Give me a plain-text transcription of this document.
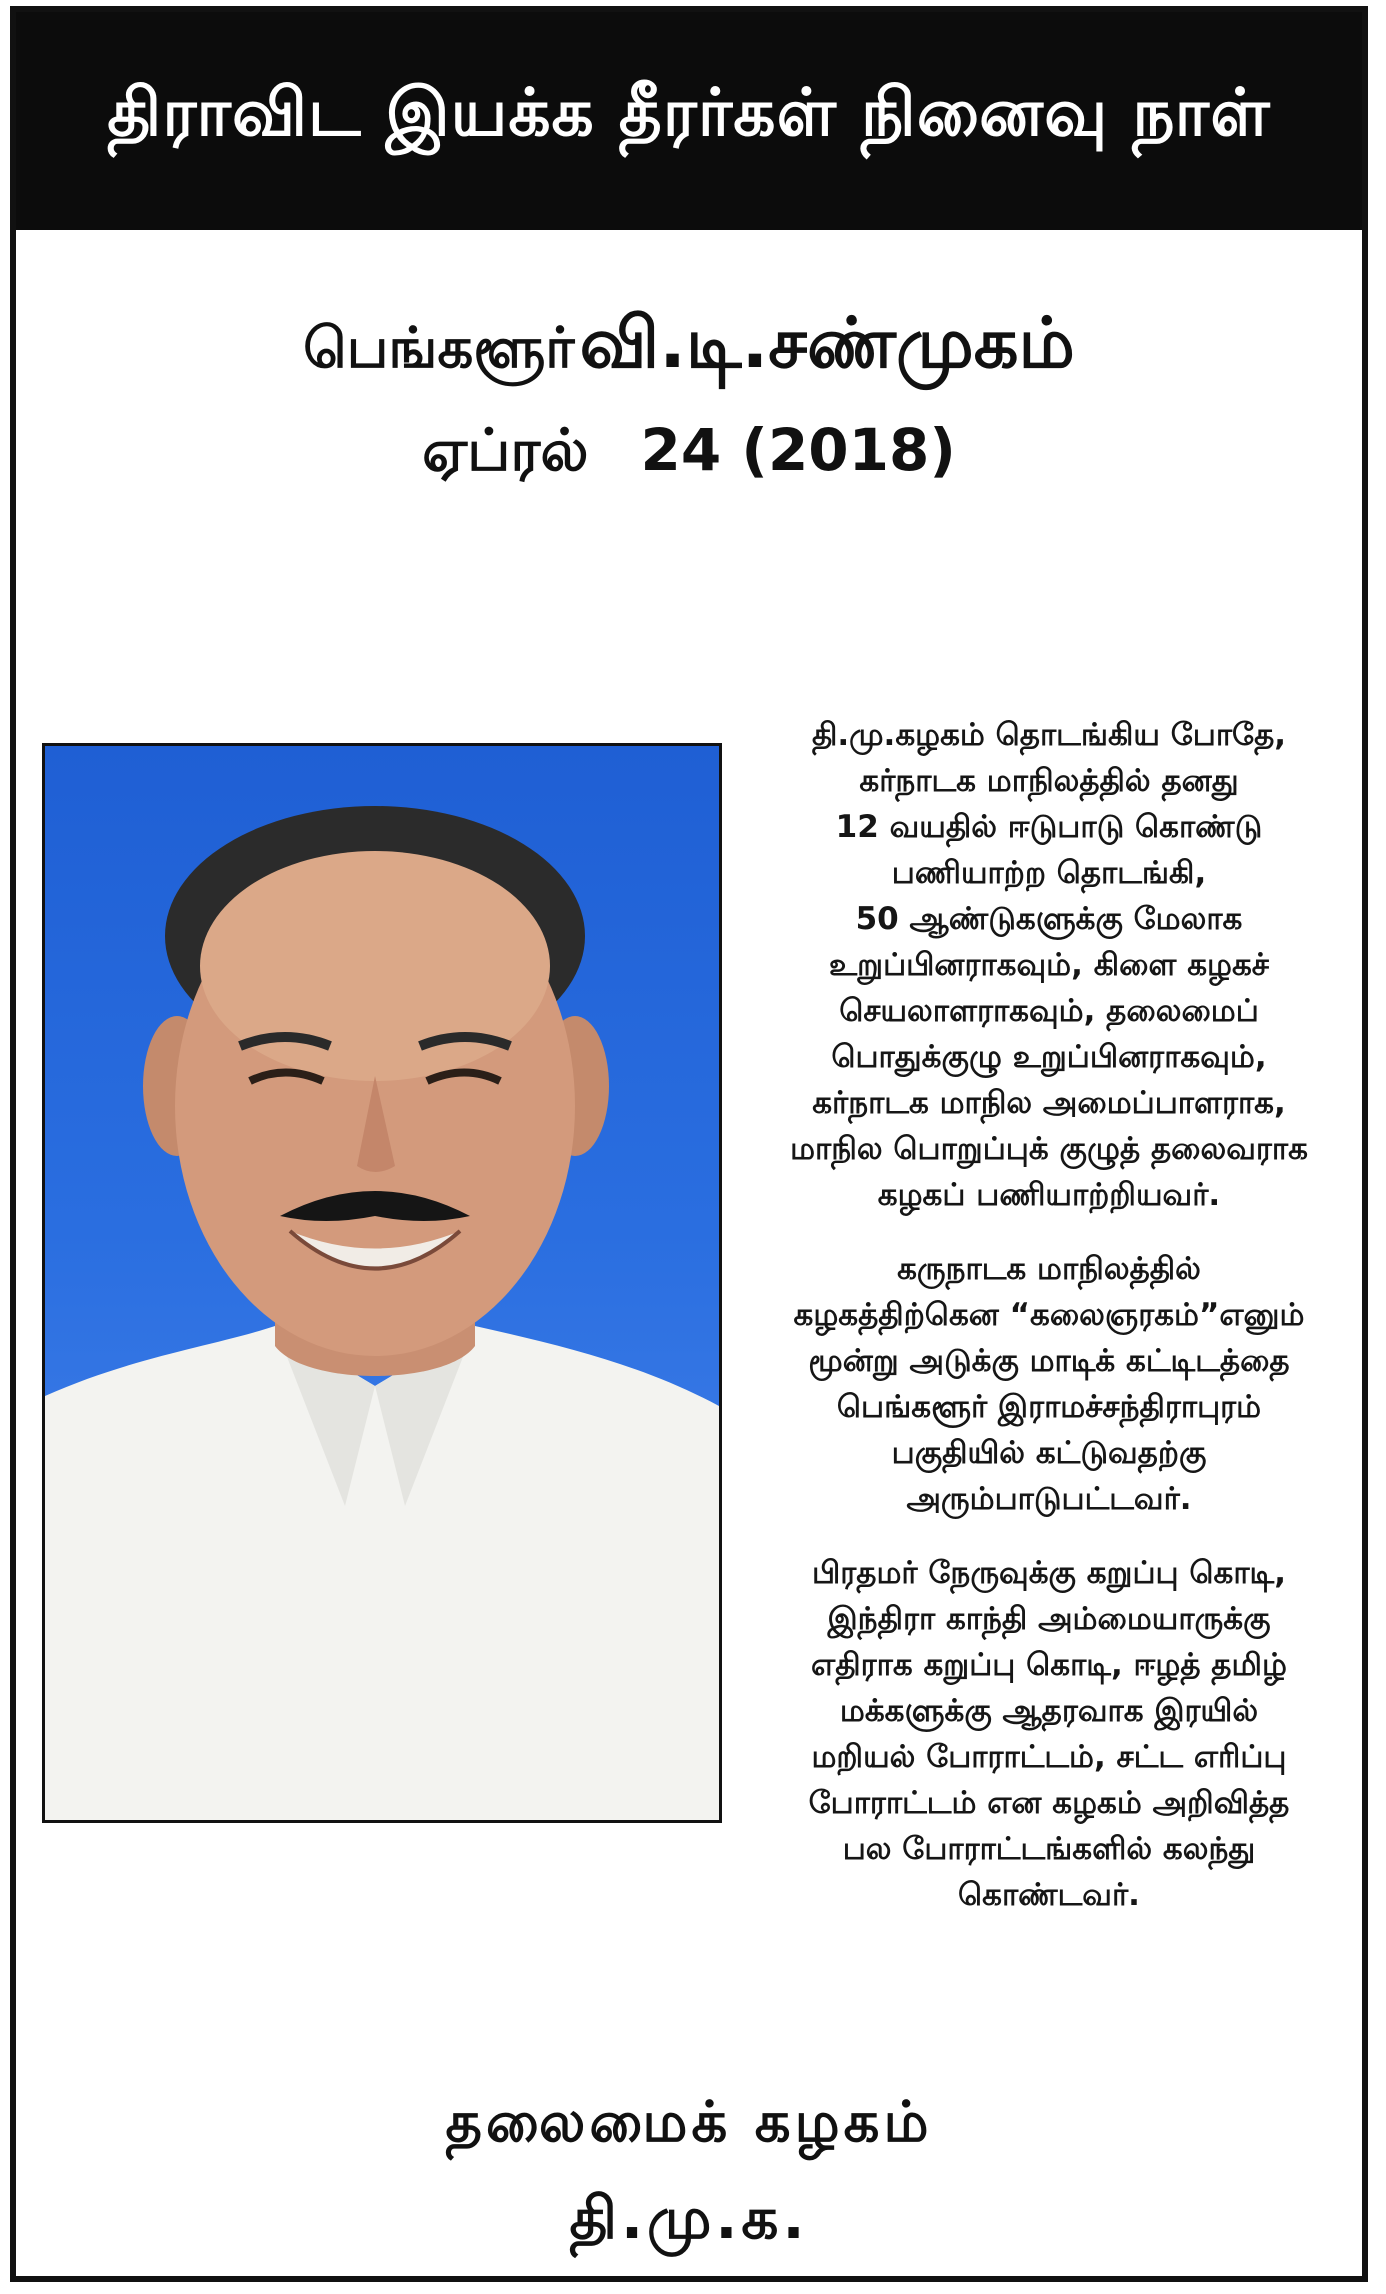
திராவிட இயக்க தீரர்கள் நினைவு நாள்
பெங்களூர் வி.டி.சண்முகம்
ஏப்ரல் 24 (2018)

தி.மு.கழகம் தொடங்கிய போதே,
கர்நாடக மாநிலத்தில் தனது
12 வயதில் ஈடுபாடு கொண்டு
பணியாற்ற தொடங்கி,
50 ஆண்டுகளுக்கு மேலாக
உறுப்பினராகவும், கிளை கழகச்
செயலாளராகவும், தலைமைப்
பொதுக்குழு உறுப்பினராகவும்,
கர்நாடக மாநில அமைப்பாளராக,
மாநில பொறுப்புக் குழுத் தலைவராக
கழகப் பணியாற்றியவர்.

கருநாடக மாநிலத்தில்
கழகத்திற்கென “கலைஞரகம்”எனும்
மூன்று அடுக்கு மாடிக் கட்டிடத்தை
பெங்களூர் இராமச்சந்திராபுரம்
பகுதியில் கட்டுவதற்கு
அரும்பாடுபட்டவர்.

பிரதமர் நேருவுக்கு கறுப்பு கொடி,
இந்திரா காந்தி அம்மையாருக்கு
எதிராக கறுப்பு கொடி, ஈழத் தமிழ்
மக்களுக்கு ஆதரவாக இரயில்
மறியல் போராட்டம், சட்ட எரிப்பு
போராட்டம் என கழகம் அறிவித்த
பல போராட்டங்களில் கலந்து
கொண்டவர்.

தலைமைக் கழகம்
தி.மு.க.
